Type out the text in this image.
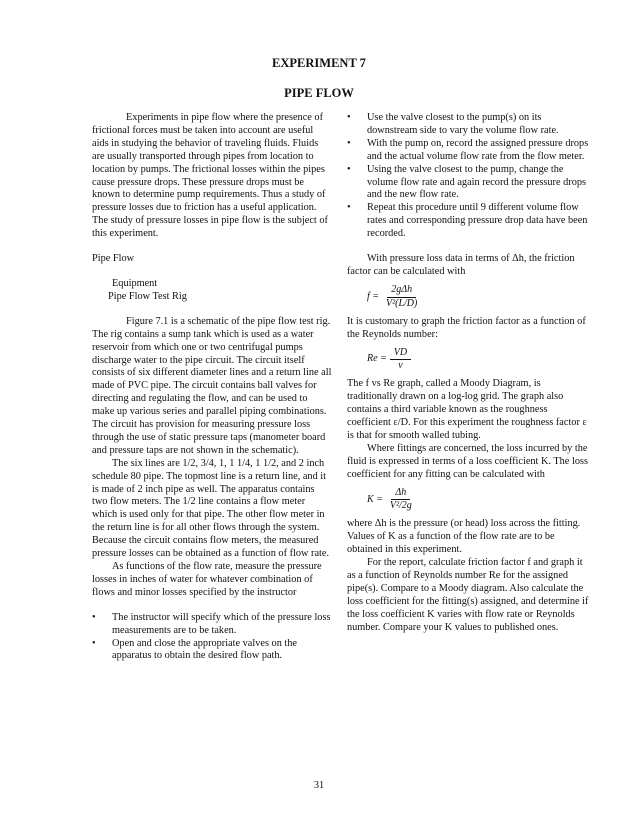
EXPERIMENT 7
PIPE FLOW

Experiments in pipe flow where the presence of frictional forces must be taken into account are useful aids in studying the behavior of traveling fluids. Fluids are usually transported through pipes from location to location by pumps. The frictional losses within the pipes cause pressure drops. These pressure drops must be known to determine pump requirements. Thus a study of pressure losses due to friction has a useful application. The study of pressure losses in pipe flow is the subject of this experiment.

Pipe Flow

Equipment

Pipe Flow Test Rig

Figure 7.1 is a schematic of the pipe flow test rig. The rig contains a sump tank which is used as a water reservoir from which one or two centrifugal pumps discharge water to the pipe circuit. The circuit itself consists of six different diameter lines and a return line all made of PVC pipe. The circuit contains ball valves for directing and regulating the flow, and can be used to make up various series and parallel piping combinations. The circuit has provision for measuring pressure loss through the use of static pressure taps (manometer board and pressure taps are not shown in the schematic).

The six lines are 1/2, 3/4, 1, 1 1/4, 1 1/2, and 2 inch schedule 80 pipe. The topmost line is a return line, and it is made of 2 inch pipe as well. The apparatus contains two flow meters. The 1/2 line contains a flow meter which is used only for that pipe. The other flow meter in the return line is for all other flows through the system. Because the circuit contains flow meters, the measured pressure losses can be obtained as a function of flow rate.

As functions of the flow rate, measure the pressure losses in inches of water for whatever combination of flows and minor losses specified by the instructor

• The instructor will specify which of the pressure loss measurements are to be taken.
• Open and close the appropriate valves on the apparatus to obtain the desired flow path.
• Use the valve closest to the pump(s) on its downstream side to vary the volume flow rate.
• With the pump on, record the assigned pressure drops and the actual volume flow rate from the flow meter.
• Using the valve closest to the pump, change the volume flow rate and again record the pressure drops and the new flow rate.
• Repeat this procedure until 9 different volume flow rates and corresponding pressure drop data have been recorded.

With pressure loss data in terms of Δh, the friction factor can be calculated with

$f = \frac{\text{2gΔh}}{\text{V²(L/D)}}$

It is customary to graph the friction factor as a function of the Reynolds number:

$Re = \frac{VD}{\nu}$

The f vs Re graph, called a Moody Diagram, is traditionally drawn on a log-log grid. The graph also contains a third variable known as the roughness coefficient ε/D. For this experiment the roughness factor ε is that for smooth walled tubing.

Where fittings are concerned, the loss incurred by the fluid is expressed in terms of a loss coefficient K. The loss coefficient for any fitting can be calculated with

$K = \frac{\Delta h}{\text{V²/2g}}$

where Δh is the pressure (or head) loss across the fitting. Values of K as a function of the flow rate are to be obtained in this experiment.

For the report, calculate friction factor f and graph it as a function of Reynolds number Re for the assigned pipe(s). Compare to a Moody diagram. Also calculate the loss coefficient for the fitting(s) assigned, and determine if the loss coefficient K varies with flow rate or Reynolds number. Compare your K values to published ones.

31
